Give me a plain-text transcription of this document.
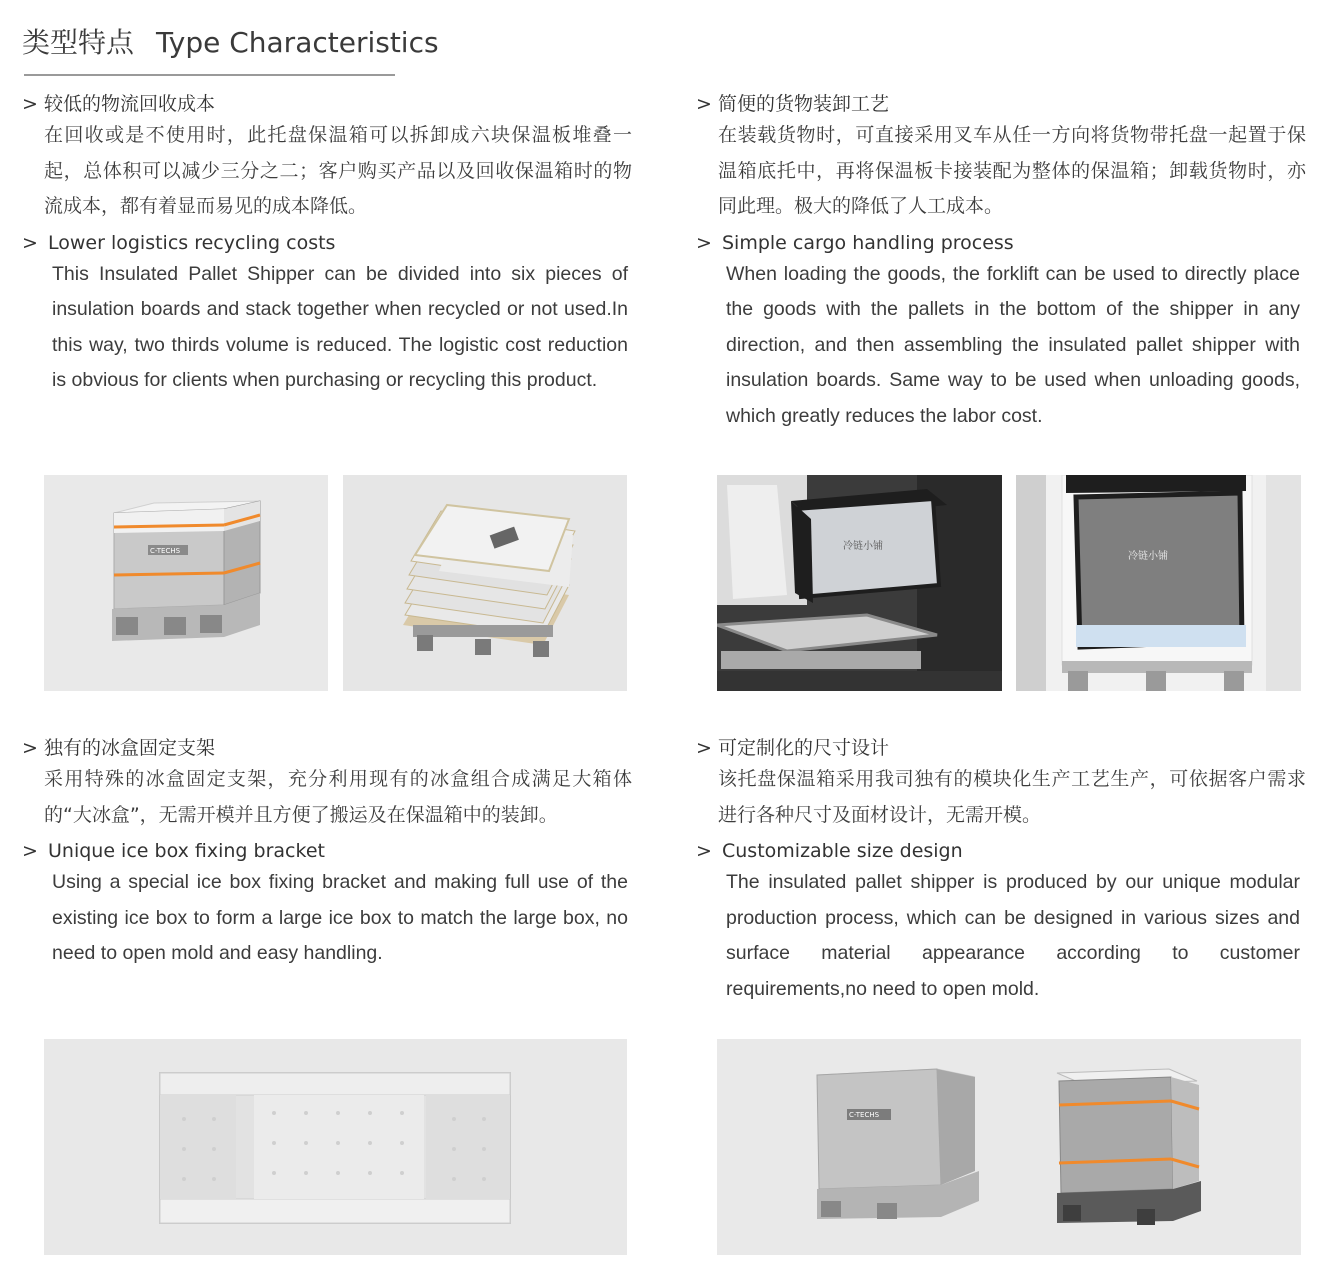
类型特点 Type Characteristics
> 较低的物流回收成本
在回收或是不使用时，此托盘保温箱可以拆卸成六块保温板堆叠一起，总体积可以减少三分之二；客户购买产品以及回收保温箱时的物流成本，都有着显而易见的成本降低。
> Lower logistics recycling costs
This Insulated Pallet Shipper can be divided into six pieces of insulation boards and stack together when recycled or not used.In this way, two thirds volume is reduced. The logistic cost reduction is obvious for clients when purchasing or recycling this product.
> 简便的货物装卸工艺
在装载货物时，可直接采用叉车从任一方向将货物带托盘一起置于保温箱底托中，再将保温板卡接装配为整体的保温箱；卸载货物时，亦同此理。极大的降低了人工成本。
> Simple cargo handling process
When loading the goods, the forklift can be used to directly place the goods with the pallets in the bottom of the shipper in any direction, and then assembling the insulated pallet shipper with insulation boards. Same way to be used when unloading goods, which greatly reduces the labor cost.
> 独有的冰盒固定支架
采用特殊的冰盒固定支架，充分利用现有的冰盒组合成满足大箱体的“大冰盒”，无需开模并且方便了搬运及在保温箱中的装卸。
> Unique ice box fixing bracket
Using a special ice box fixing bracket and making full use of the existing ice box to form a large ice box to match the large box, no need to open mold and easy handling.
> 可定制化的尺寸设计
该托盘保温箱采用我司独有的模块化生产工艺生产，可依据客户需求进行各种尺寸及面材设计，无需开模。
> Customizable size design
The insulated pallet shipper is produced by our unique modular production process, which can be designed in various sizes and surface material appearance according to customer requirements,no need to open mold.
C-TECHS	冷链小铺
冷链小铺
C-TECHS
